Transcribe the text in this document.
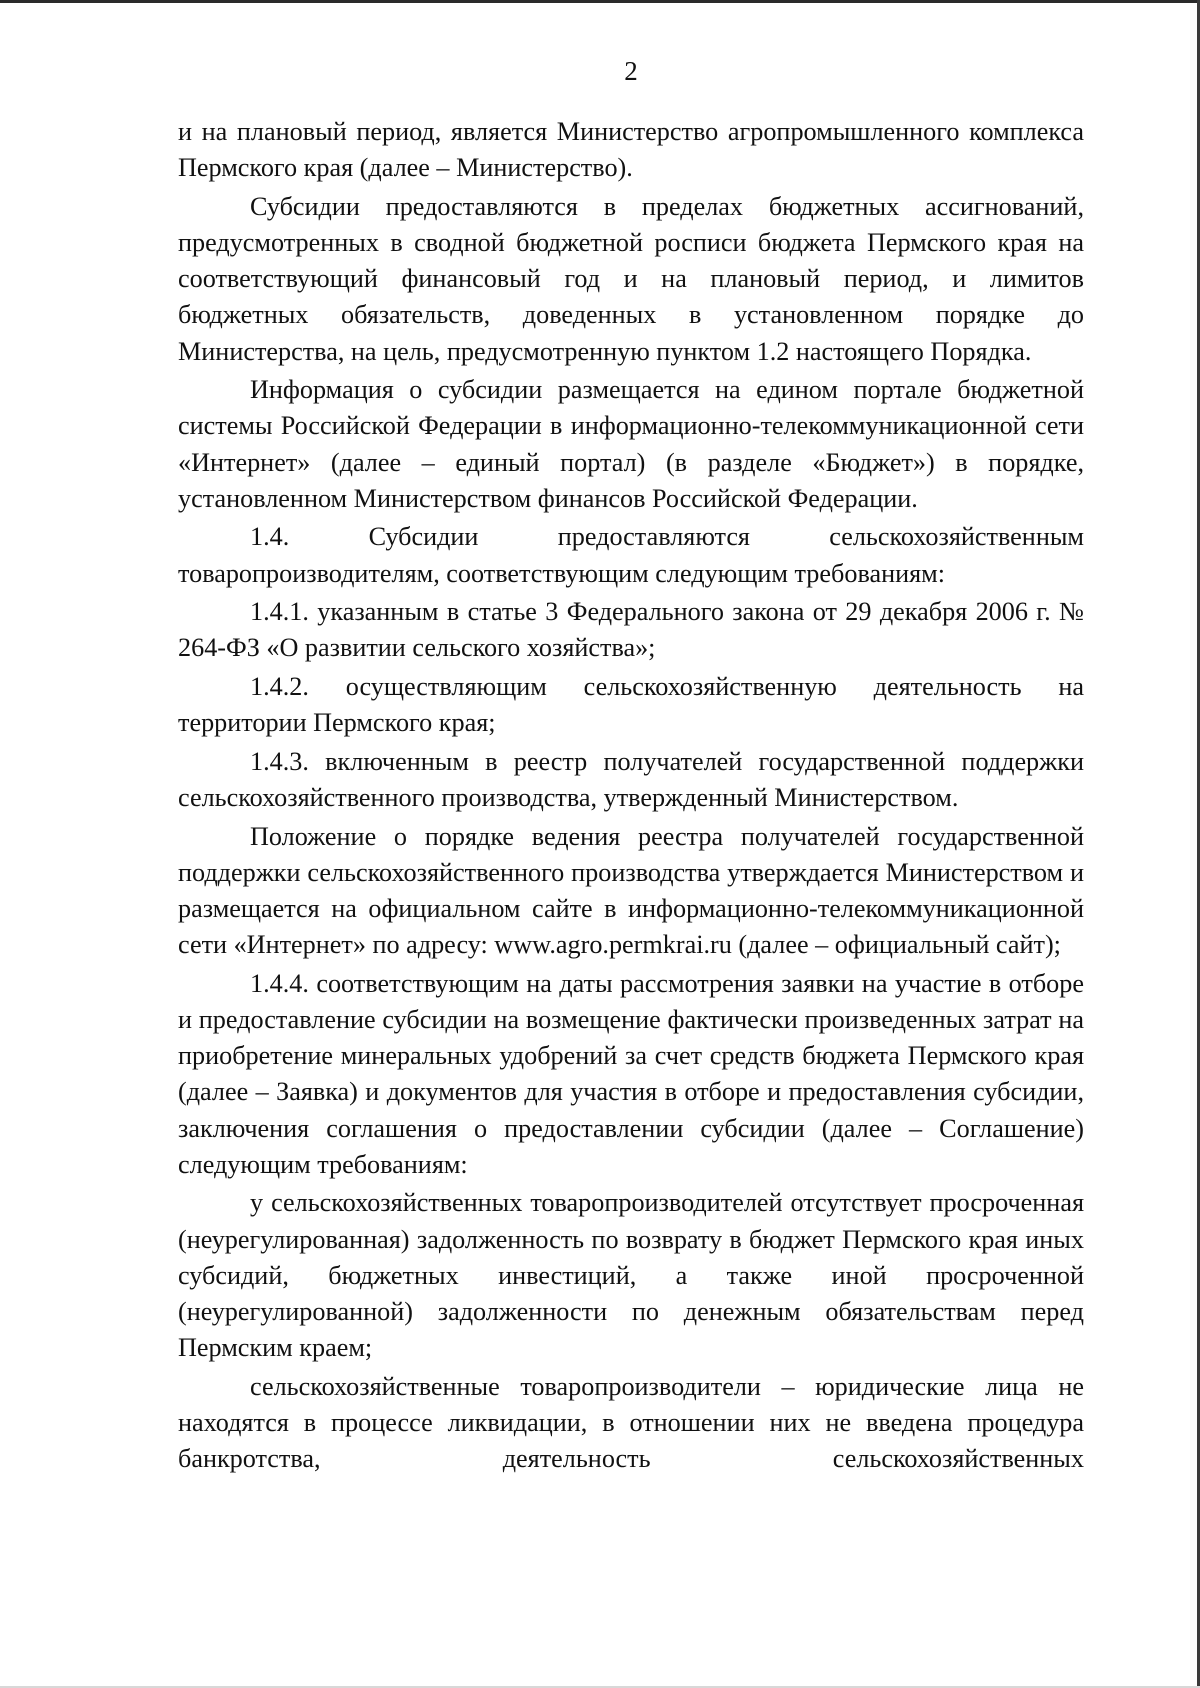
2

и на плановый период, является Министерство агропромышленного комплекса Пермского края (далее – Министерство).

Субсидии предоставляются в пределах бюджетных ассигнований, предусмотренных в сводной бюджетной росписи бюджета Пермского края на соответствующий финансовый год и на плановый период, и лимитов бюджетных обязательств, доведенных в установленном порядке до Министерства, на цель, предусмотренную пунктом 1.2 настоящего Порядка.

Информация о субсидии размещается на едином портале бюджетной системы Российской Федерации в информационно-телекоммуникационной сети «Интернет» (далее – единый портал) (в разделе «Бюджет») в порядке, установленном Министерством финансов Российской Федерации.

1.4. Субсидии предоставляются сельскохозяйственным товаропроизводителям, соответствующим следующим требованиям:

1.4.1. указанным в статье 3 Федерального закона от 29 декабря 2006 г. № 264-ФЗ «О развитии сельского хозяйства»;

1.4.2. осуществляющим сельскохозяйственную деятельность на территории Пермского края;

1.4.3. включенным в реестр получателей государственной поддержки сельскохозяйственного производства, утвержденный Министерством.

Положение о порядке ведения реестра получателей государственной поддержки сельскохозяйственного производства утверждается Министерством и размещается на официальном сайте в информационно-телекоммуникационной сети «Интернет» по адресу: www.agro.permkrai.ru (далее – официальный сайт);

1.4.4. соответствующим на даты рассмотрения заявки на участие в отборе и предоставление субсидии на возмещение фактически произведенных затрат на приобретение минеральных удобрений за счет средств бюджета Пермского края (далее – Заявка) и документов для участия в отборе и предоставления субсидии, заключения соглашения о предоставлении субсидии (далее – Соглашение) следующим требованиям:

у сельскохозяйственных товаропроизводителей отсутствует просроченная (неурегулированная) задолженность по возврату в бюджет Пермского края иных субсидий, бюджетных инвестиций, а также иной просроченной (неурегулированной) задолженности по денежным обязательствам перед Пермским краем;

сельскохозяйственные товаропроизводители – юридические лица не находятся в процессе ликвидации, в отношении них не введена процедура банкротства, деятельность сельскохозяйственных
